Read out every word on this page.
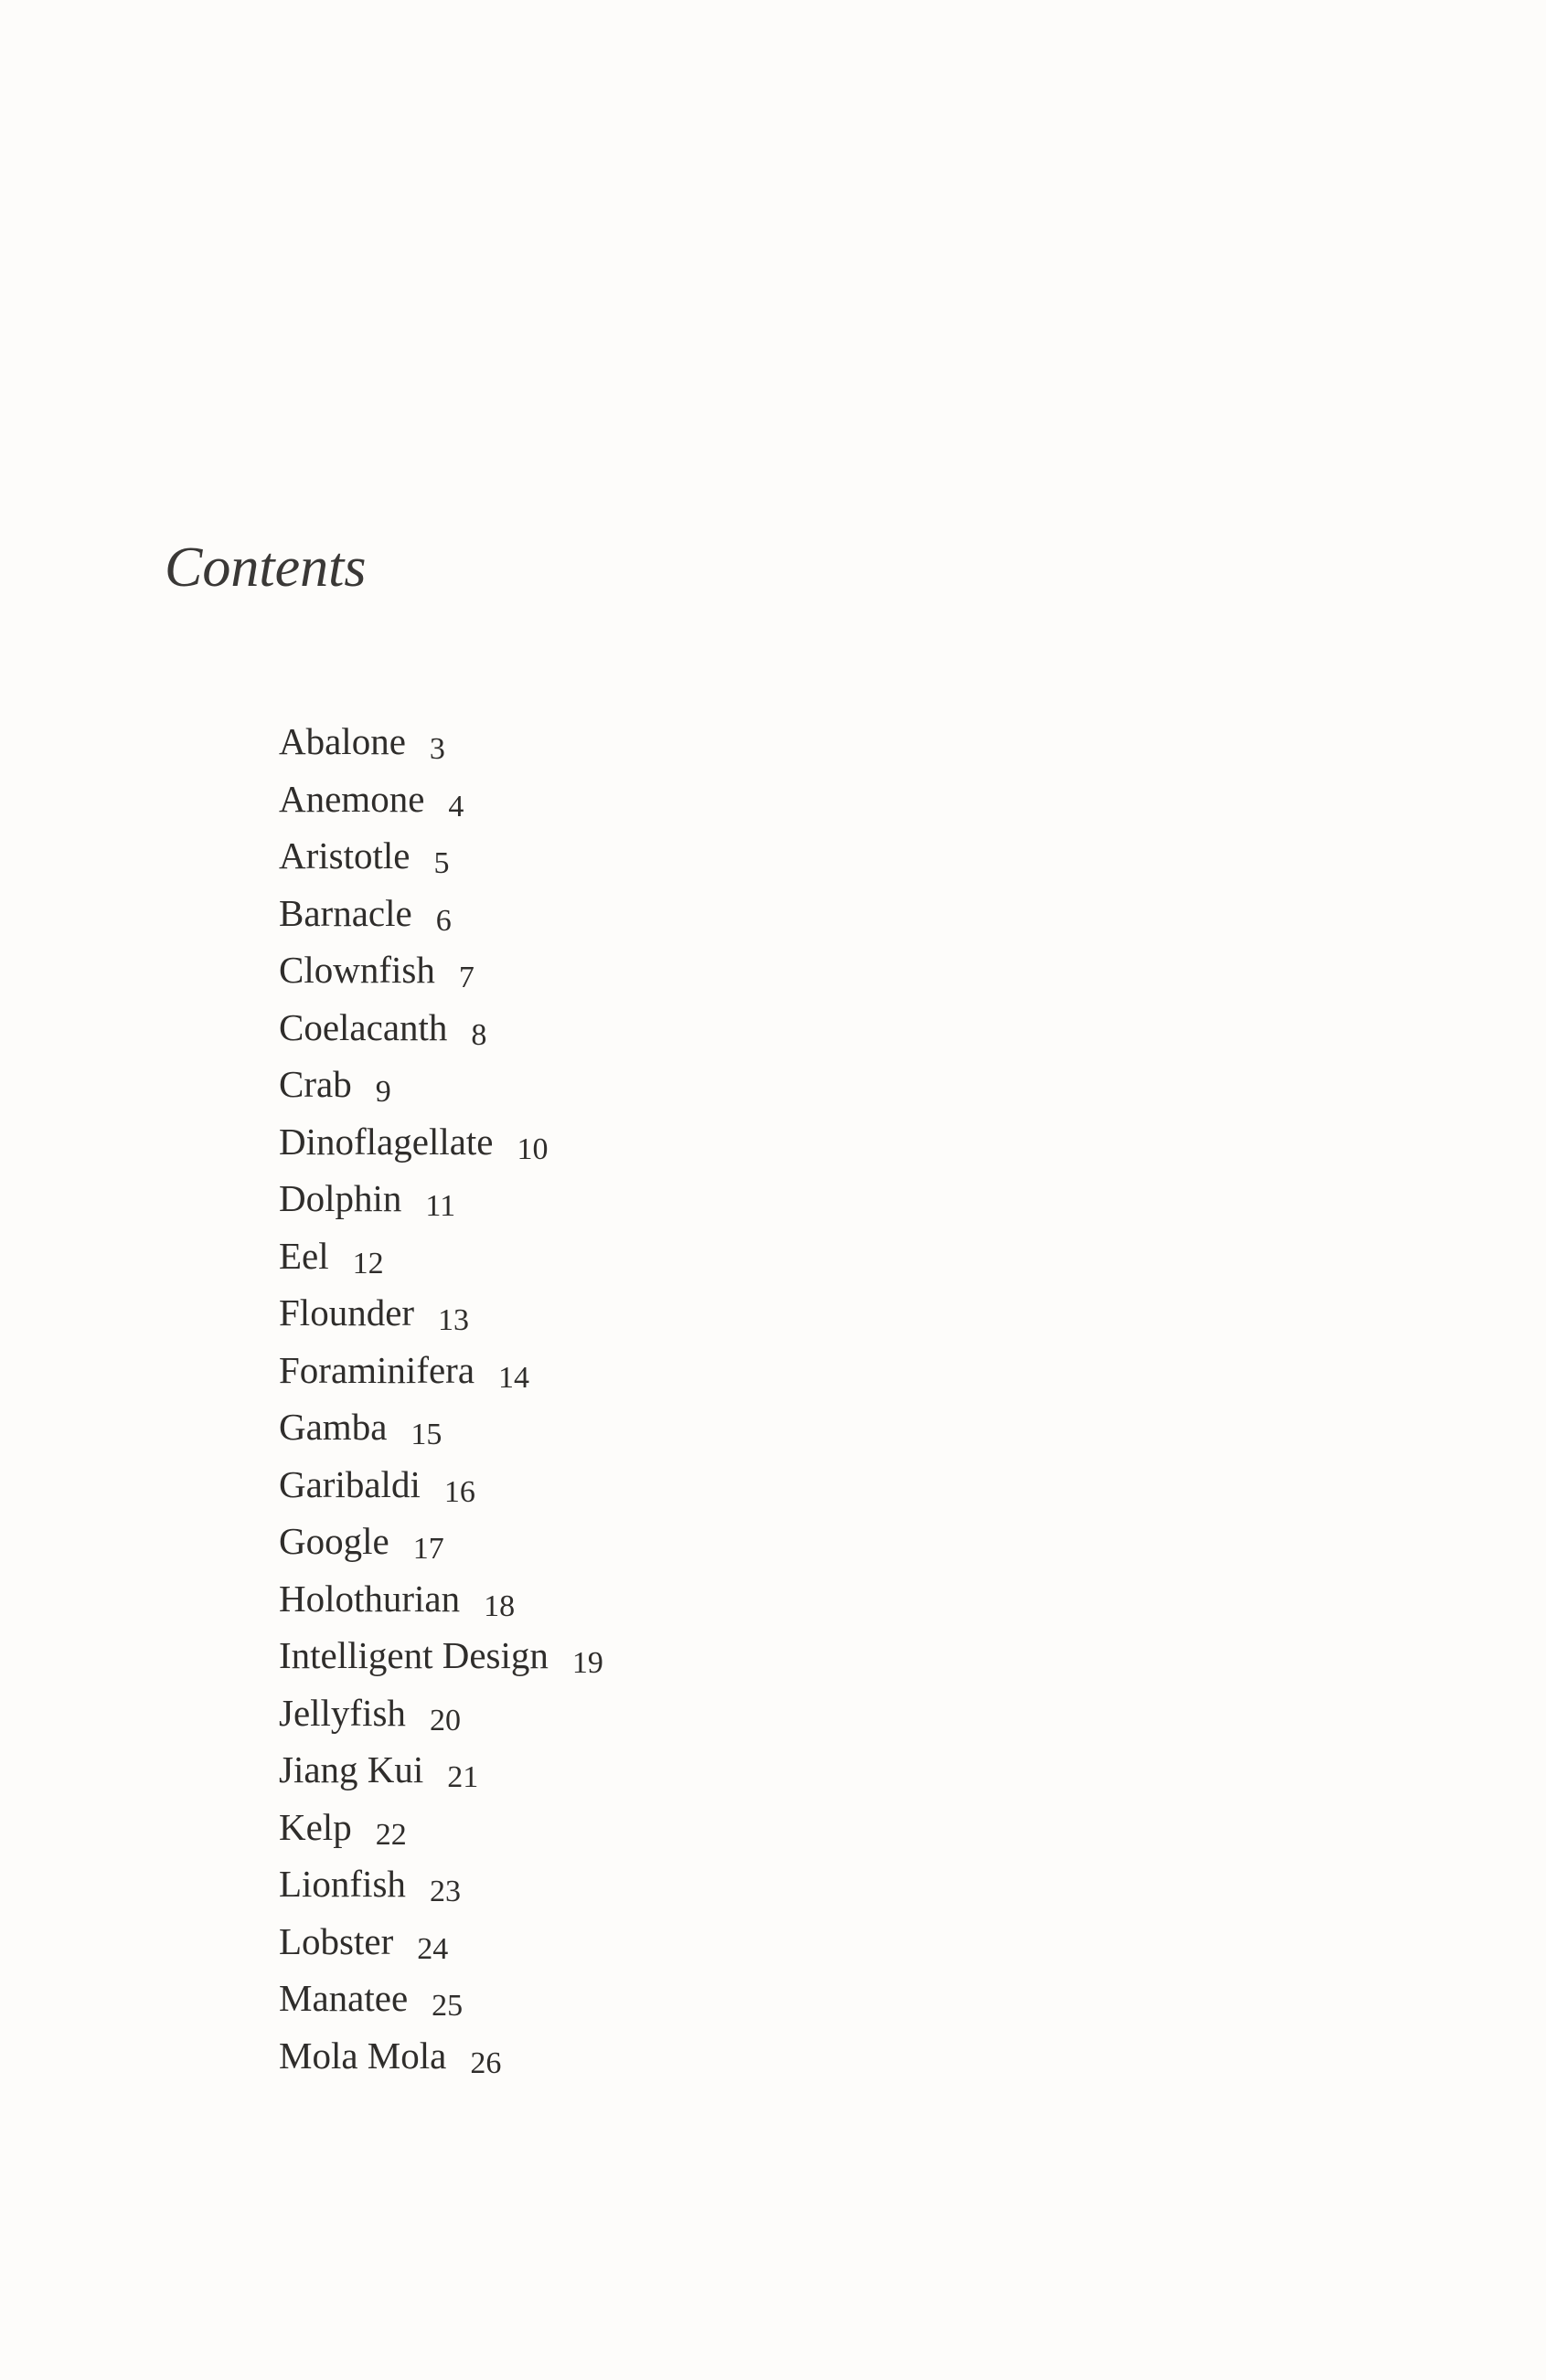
Contents
Abalone 3
Anemone 4
Aristotle 5
Barnacle 6
Clownfish 7
Coelacanth 8
Crab 9
Dinoflagellate 10
Dolphin 11
Eel 12
Flounder 13
Foraminifera 14
Gamba 15
Garibaldi 16
Google 17
Holothurian 18
Intelligent Design 19
Jellyfish 20
Jiang Kui 21
Kelp 22
Lionfish 23
Lobster 24
Manatee 25
Mola Mola 26
